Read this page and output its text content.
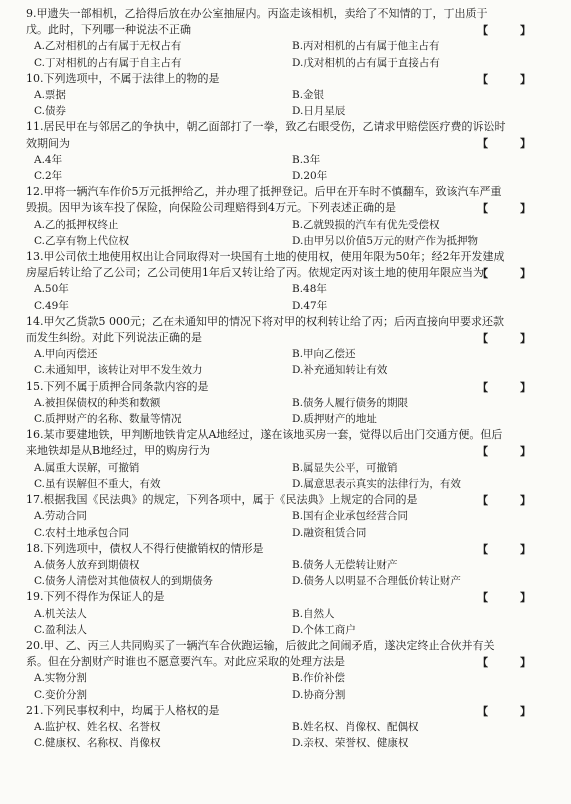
9.甲遗失一部相机，乙拾得后放在办公室抽屉内。丙盗走该相机，卖给了不知情的丁，丁出质于戊。此时，下列哪一种说法不正确
A.乙对相机的占有属于无权占有	B.丙对相机的占有属于他主占有
C.丁对相机的占有属于自主占有	D.戊对相机的占有属于直接占有
【 】
10.下列选项中，不属于法律上的物的是
A.票据	B.金银
C.债券	D.日月星辰
【 】
11.居民甲在与邻居乙的争执中，朝乙面部打了一拳，致乙右眼受伤，乙请求甲赔偿医疗费的诉讼时效期间为
A.4年	B.3年
C.2年	D.20年
【 】
12.甲将一辆汽车作价5万元抵押给乙，并办理了抵押登记。后甲在开车时不慎翻车，致该汽车严重毁损。因甲为该车投了保险，向保险公司理赔得到4万元。下列表述正确的是
A.乙的抵押权终止	B.乙就毁损的汽车有优先受偿权
C.乙享有物上代位权	D.由甲另以价值5万元的财产作为抵押物
【 】
13.甲公司依土地使用权出让合同取得对一块国有土地的使用权，使用年限为50年；经2年开发建成房屋后转让给了乙公司；乙公司使用1年后又转让给了丙。依规定丙对该土地的使用年限应当为
A.50年	B.48年
C.49年	D.47年
【 】
14.甲欠乙货款5 000元；乙在未通知甲的情况下将对甲的权利转让给了丙；后丙直接向甲要求还款而发生纠纷。对此下列说法正确的是
A.甲向丙偿还	B.甲向乙偿还
C.未通知甲，该转让对甲不发生效力	D.补充通知转让有效
【 】
15.下列不属于质押合同条款内容的是
A.被担保债权的种类和数额	B.债务人履行债务的期限
C.质押财产的名称、数量等情况	D.质押财产的地址
【 】
16.某市要建地铁，甲判断地铁肯定从A地经过，遂在该地买房一套，觉得以后出门交通方便。但后来地铁却是从B地经过，甲的购房行为
A.属重大误解，可撤销	B.属显失公平，可撤销
C.虽有误解但不重大，有效	D.属意思表示真实的法律行为，有效
【 】
17.根据我国《民法典》的规定，下列各项中，属于《民法典》上规定的合同的是
A.劳动合同	B.国有企业承包经营合同
C.农村土地承包合同	D.融资租赁合同
【 】
18.下列选项中，债权人不得行使撤销权的情形是
A.债务人放弃到期债权	B.债务人无偿转让财产
C.债务人清偿对其他债权人的到期债务	D.债务人以明显不合理低价转让财产
【 】
19.下列不得作为保证人的是
A.机关法人	B.自然人
C.盈利法人	D.个体工商户
【 】
20.甲、乙、丙三人共同购买了一辆汽车合伙跑运输，后彼此之间闹矛盾，遂决定终止合伙并有关系。但在分割财产时谁也不愿意要汽车。对此应采取的处理方法是
A.实物分割	B.作价补偿
C.变价分割	D.协商分割
【 】
21.下列民事权利中，均属于人格权的是
A.监护权、姓名权、名誉权	B.姓名权、肖像权、配偶权
C.健康权、名称权、肖像权	D.亲权、荣誉权、健康权
【 】
